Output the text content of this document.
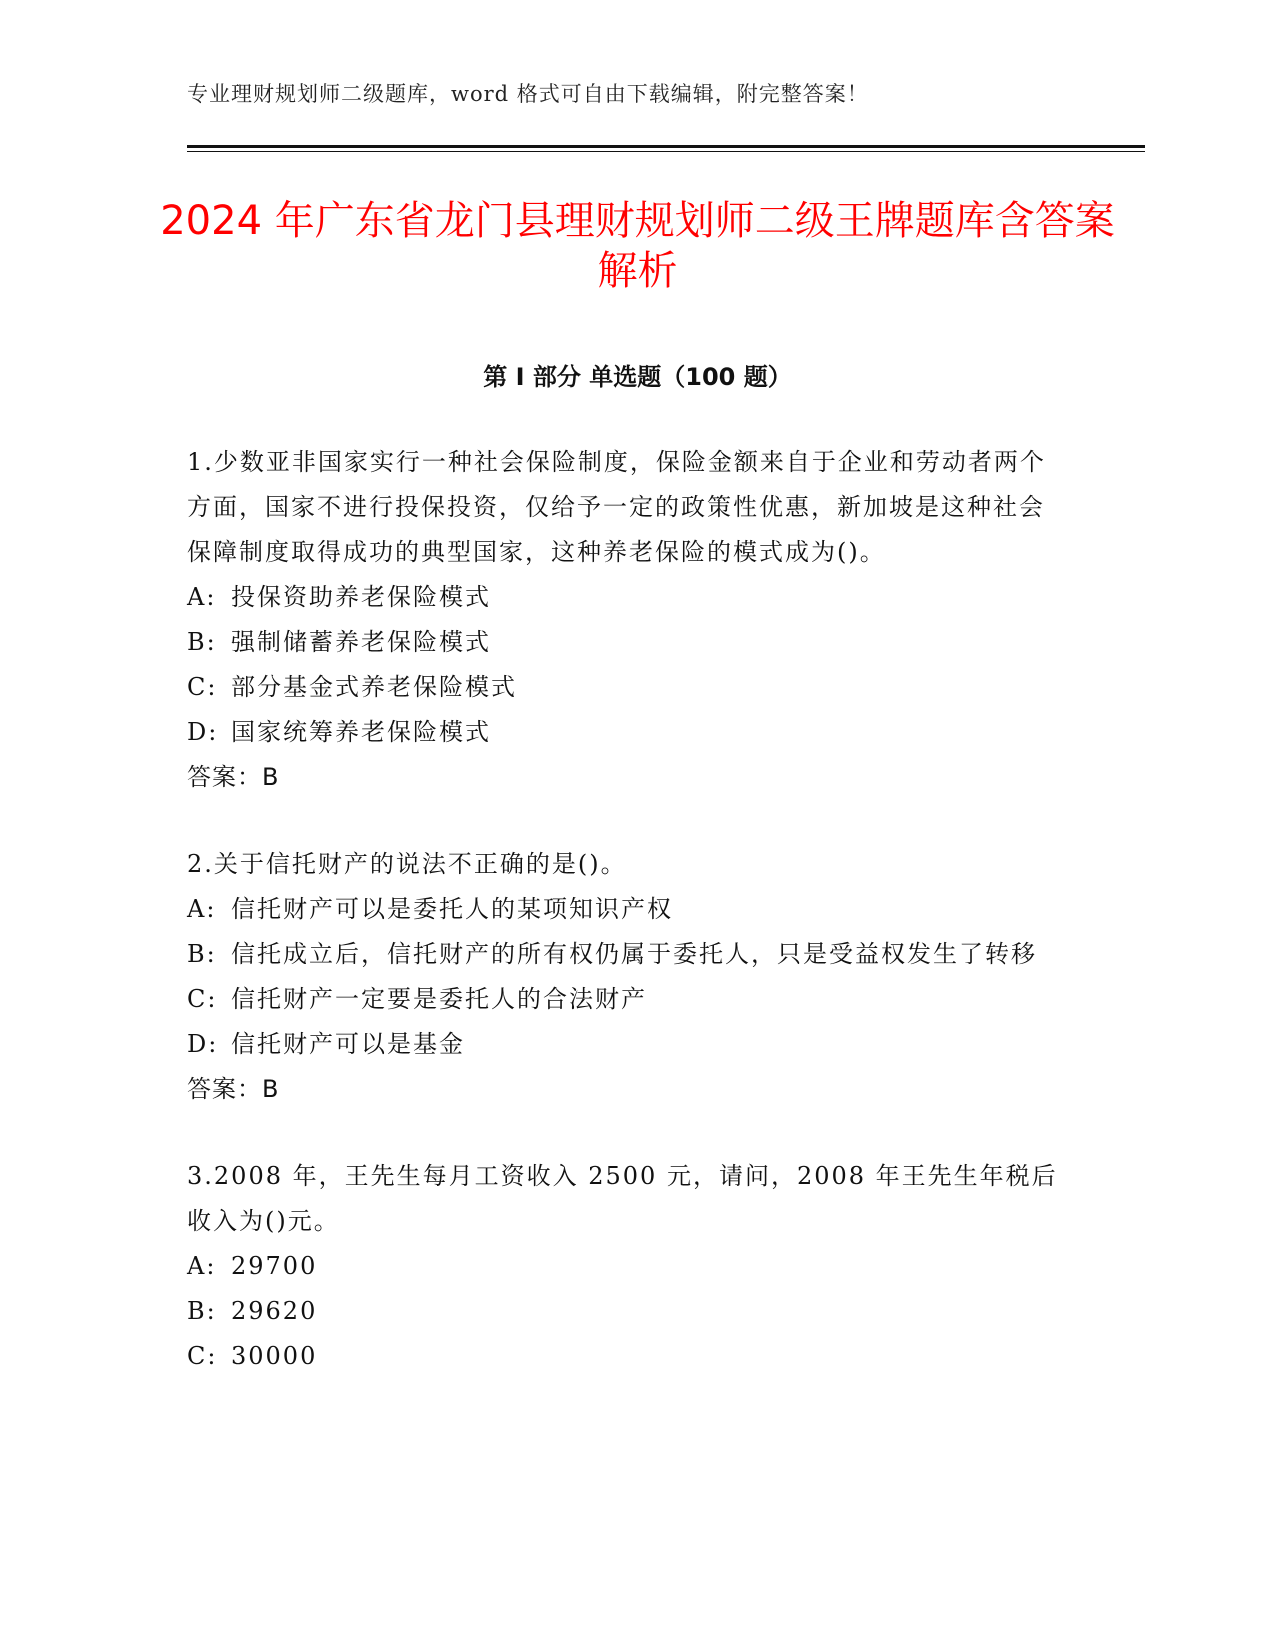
专业理财规划师二级题库，word 格式可自由下载编辑，附完整答案！
2024 年广东省龙门县理财规划师二级王牌题库含答案解析
第 I 部分 单选题（100 题）

1.少数亚非国家实行一种社会保险制度，保险金额来自于企业和劳动者两个方面，国家不进行投保投资，仅给予一定的政策性优惠，新加坡是这种社会保障制度取得成功的典型国家，这种养老保险的模式成为()。

A: 投保资助养老保险模式

B: 强制储蓄养老保险模式

C: 部分基金式养老保险模式

D: 国家统筹养老保险模式

答案：B

2.关于信托财产的说法不正确的是()。

A: 信托财产可以是委托人的某项知识产权

B: 信托成立后，信托财产的所有权仍属于委托人，只是受益权发生了转移

C: 信托财产一定要是委托人的合法财产

D: 信托财产可以是基金

答案：B

3.2008 年，王先生每月工资收入 2500 元，请问，2008 年王先生年税后收入为()元。

A: 29700

B: 29620

C: 30000
